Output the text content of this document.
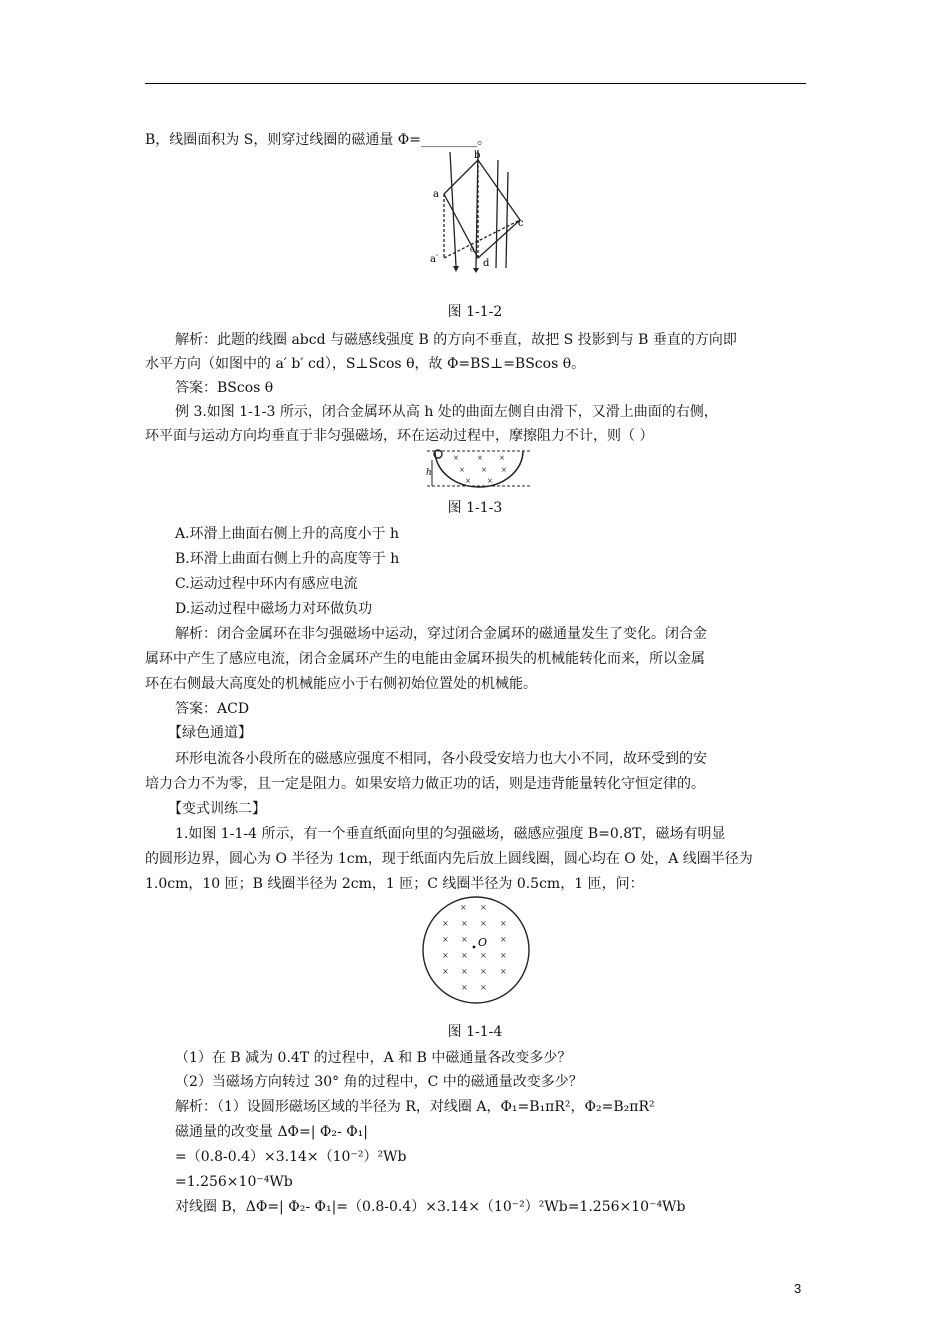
B，线圈面积为 S，则穿过线圈的磁通量 Φ=________。
a
b
c
d
a′
θ
图 1-1-2
解析：此题的线圈 abcd 与磁感线强度 B 的方向不垂直，故把 S 投影到与 B 垂直的方向即
水平方向（如图中的 a′ b′ cd），S⊥Scos θ，故 Φ=BS⊥=BScos θ。
答案：BScos θ
例 3.如图 1-1-3 所示，闭合金属环从高 h 处的曲面左侧自由滑下，又滑上曲面的右侧，
环平面与运动方向均垂直于非匀强磁场，环在运动过程中，摩擦阻力不计，则（ ）
×	× ×
× × ×
× ×
h
图 1-1-3
A.环滑上曲面右侧上升的高度小于 h
B.环滑上曲面右侧上升的高度等于 h
C.运动过程中环内有感应电流
D.运动过程中磁场力对环做负功
解析：闭合金属环在非匀强磁场中运动，穿过闭合金属环的磁通量发生了变化。闭合金
属环中产生了感应电流，闭合金属环产生的电能由金属环损失的机械能转化而来，所以金属
环在右侧最大高度处的机械能应小于右侧初始位置处的机械能。
答案：ACD
【绿色通道】
环形电流各小段所在的磁感应强度不相同，各小段受安培力也大小不同，故环受到的安
培力合力不为零，且一定是阻力。如果安培力做正功的话，则是违背能量转化守恒定律的。
【变式训练二】
1.如图 1-1-4 所示，有一个垂直纸面向里的匀强磁场，磁感应强度 B=0.8T，磁场有明显
的圆形边界，圆心为 O 半径为 1cm，现于纸面内先后放上圆线圈，圆心均在 O 处，A 线圈半径为
1.0cm，10 匝；B 线圈半径为 2cm，1 匝；C 线圈半径为 0.5cm，1 匝，问：
× ×
× × × ×
× ×	×
× × × ×
× × × ×
× ×
O
图 1-1-4
（1）在 B 减为 0.4T 的过程中，A 和 B 中磁通量各改变多少？
（2）当磁场方向转过 30° 角的过程中，C 中的磁通量改变多少？
解析：（1）设圆形磁场区域的半径为 R，对线圈 A，Φ₁=B₁πR²，Φ₂=B₂πR²
磁通量的改变量 ΔΦ=| Φ₂- Φ₁|
=（0.8-0.4）×3.14×（10⁻²）²Wb
=1.256×10⁻⁴Wb
对线圈 B，ΔΦ=| Φ₂- Φ₁|=（0.8-0.4）×3.14×（10⁻²）²Wb=1.256×10⁻⁴Wb
3
